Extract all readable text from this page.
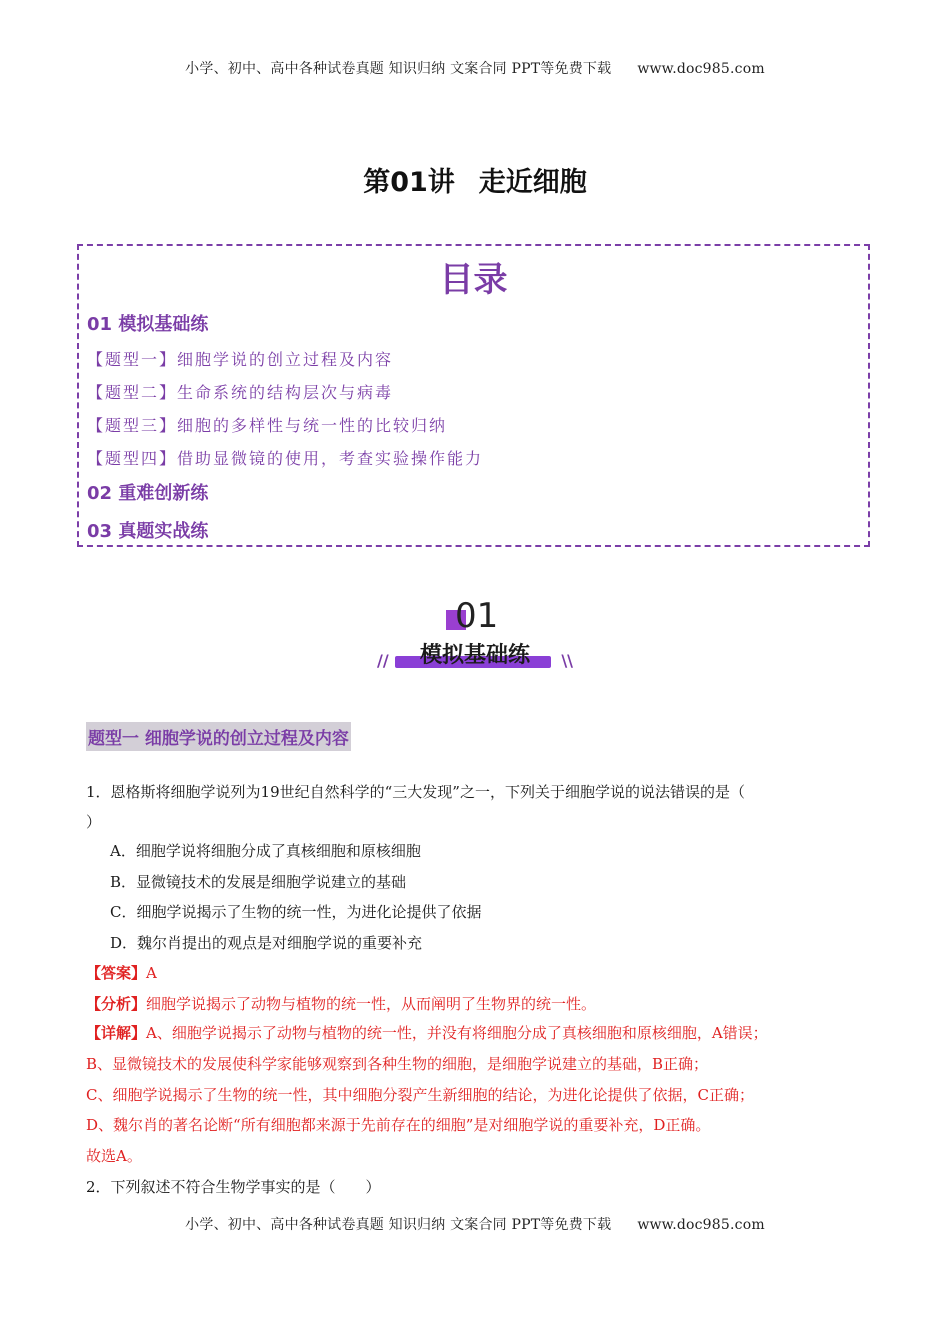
小学、初中、高中各种试卷真题 知识归纳 文案合同 PPT等免费下载 www.doc985.com
第01讲 走近细胞
目录
01 模拟基础练
【题型一】细胞学说的创立过程及内容
【题型二】生命系统的结构层次与病毒
【题型三】细胞的多样性与统一性的比较归纳
【题型四】借助显微镜的使用，考查实验操作能力
02 重难创新练
03 真题实战练
01
模拟基础练
//	\\
题型一 细胞学说的创立过程及内容
1．恩格斯将细胞学说列为19世纪自然科学的“三大发现”之一，下列关于细胞学说的说法错误的是（
）
A．细胞学说将细胞分成了真核细胞和原核细胞
B．显微镜技术的发展是细胞学说建立的基础
C．细胞学说揭示了生物的统一性，为进化论提供了依据
D．魏尔肖提出的观点是对细胞学说的重要补充
【答案】A
【分析】细胞学说揭示了动物与植物的统一性，从而阐明了生物界的统一性。
【详解】A、细胞学说揭示了动物与植物的统一性，并没有将细胞分成了真核细胞和原核细胞，A错误；
B、显微镜技术的发展使科学家能够观察到各种生物的细胞，是细胞学说建立的基础，B正确；
C、细胞学说揭示了生物的统一性，其中细胞分裂产生新细胞的结论，为进化论提供了依据，C正确；
D、魏尔肖的著名论断“所有细胞都来源于先前存在的细胞”是对细胞学说的重要补充，D正确。
故选A。
2．下列叙述不符合生物学事实的是（　　）
小学、初中、高中各种试卷真题 知识归纳 文案合同 PPT等免费下载 www.doc985.com
